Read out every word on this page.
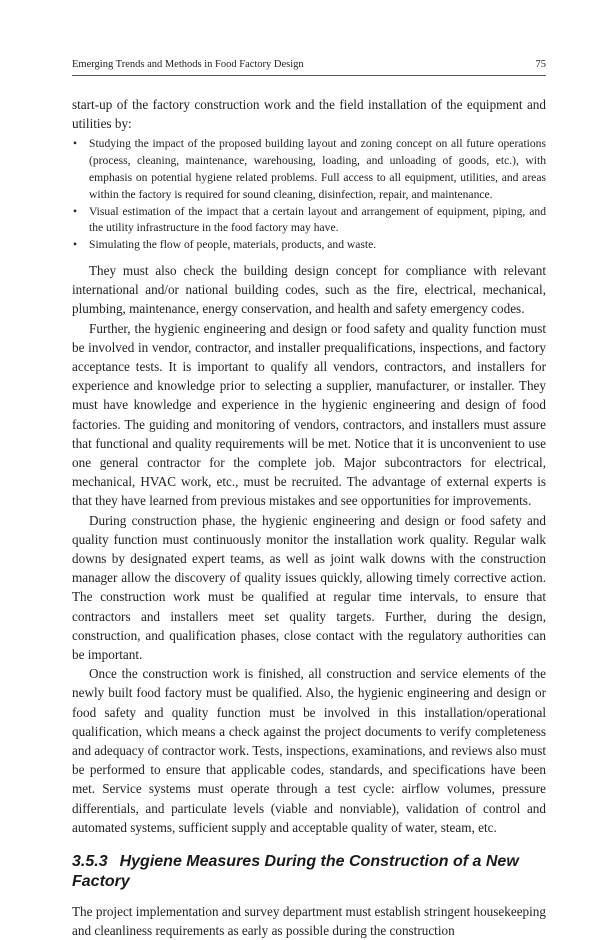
Emerging Trends and Methods in Food Factory Design	75

start-up of the factory construction work and the field installation of the equipment and utilities by:

• Studying the impact of the proposed building layout and zoning concept on all future operations (process, cleaning, maintenance, warehousing, loading, and unloading of goods, etc.), with emphasis on potential hygiene related problems. Full access to all equipment, utilities, and areas within the factory is required for sound cleaning, disinfection, repair, and maintenance.
• Visual estimation of the impact that a certain layout and arrangement of equipment, piping, and the utility infrastructure in the food factory may have.
• Simulating the flow of people, materials, products, and waste.

They must also check the building design concept for compliance with relevant international and/or national building codes, such as the fire, electrical, mechanical, plumbing, maintenance, energy conservation, and health and safety emergency codes.

Further, the hygienic engineering and design or food safety and quality function must be involved in vendor, contractor, and installer prequalifications, inspections, and factory acceptance tests. It is important to qualify all vendors, contractors, and installers for experience and knowledge prior to selecting a supplier, manufacturer, or installer. They must have knowledge and experience in the hygienic engineering and design of food factories. The guiding and monitoring of vendors, contractors, and installers must assure that functional and quality requirements will be met. Notice that it is unconvenient to use one general contractor for the complete job. Major subcontractors for electrical, mechanical, HVAC work, etc., must be recruited. The advantage of external experts is that they have learned from previous mistakes and see opportunities for improvements.

During construction phase, the hygienic engineering and design or food safety and quality function must continuously monitor the installation work quality. Regular walk downs by designated expert teams, as well as joint walk downs with the construction manager allow the discovery of quality issues quickly, allowing timely corrective action. The construction work must be qualified at regular time intervals, to ensure that contractors and installers meet set quality targets. Further, during the design, construction, and qualification phases, close contact with the regulatory authorities can be important.

Once the construction work is finished, all construction and service elements of the newly built food factory must be qualified. Also, the hygienic engineering and design or food safety and quality function must be involved in this installation/operational qualification, which means a check against the project documents to verify completeness and adequacy of contractor work. Tests, inspections, examinations, and reviews also must be performed to ensure that applicable codes, standards, and specifications have been met. Service systems must operate through a test cycle: airflow volumes, pressure differentials, and particulate levels (viable and nonviable), validation of control and automated systems, sufficient supply and acceptable quality of water, steam, etc.

3.5.3 Hygiene Measures During the Construction of a New Factory

The project implementation and survey department must establish stringent housekeeping and cleanliness requirements as early as possible during the construction
